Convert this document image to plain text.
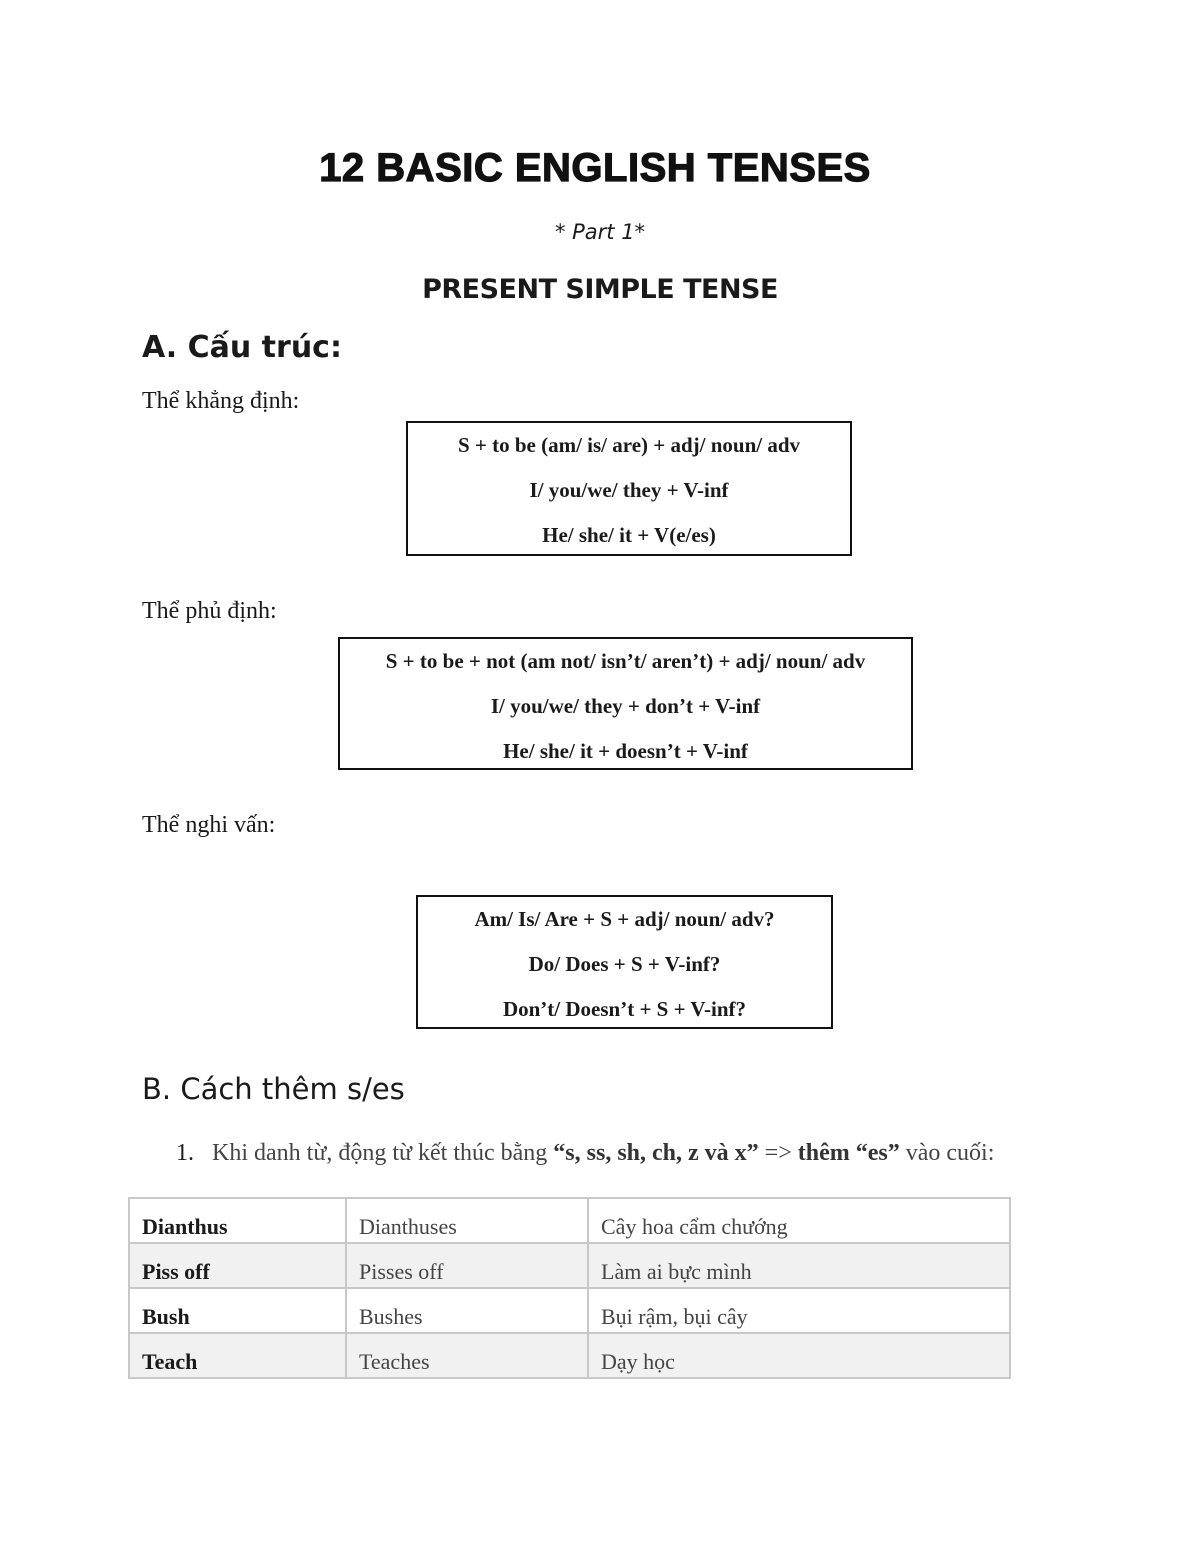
12 BASIC ENGLISH TENSES
* Part 1*
PRESENT SIMPLE TENSE
A. Cấu trúc:
Thể khẳng định:
S + to be (am/ is/ are) + adj/ noun/ adv
I/ you/we/ they + V-inf
He/ she/ it + V(e/es)
Thể phủ định:
S + to be + not (am not/ isn’t/ aren’t) + adj/ noun/ adv
I/ you/we/ they + don’t + V-inf
He/ she/ it + doesn’t + V-inf
Thể nghi vấn:
Am/ Is/ Are + S + adj/ noun/ adv?
Do/ Does + S + V-inf?
Don’t/ Doesn’t + S + V-inf?
B. Cách thêm s/es
1. Khi danh từ, động từ kết thúc bằng “s, ss, sh, ch, z và x” => thêm “es” vào cuối:
Dianthus	Dianthuses	Cây hoa cẩm chướng
Piss off	Pisses off	Làm ai bực mình
Bush	Bushes	Bụi rậm, bụi cây
Teach	Teaches	Dạy học
